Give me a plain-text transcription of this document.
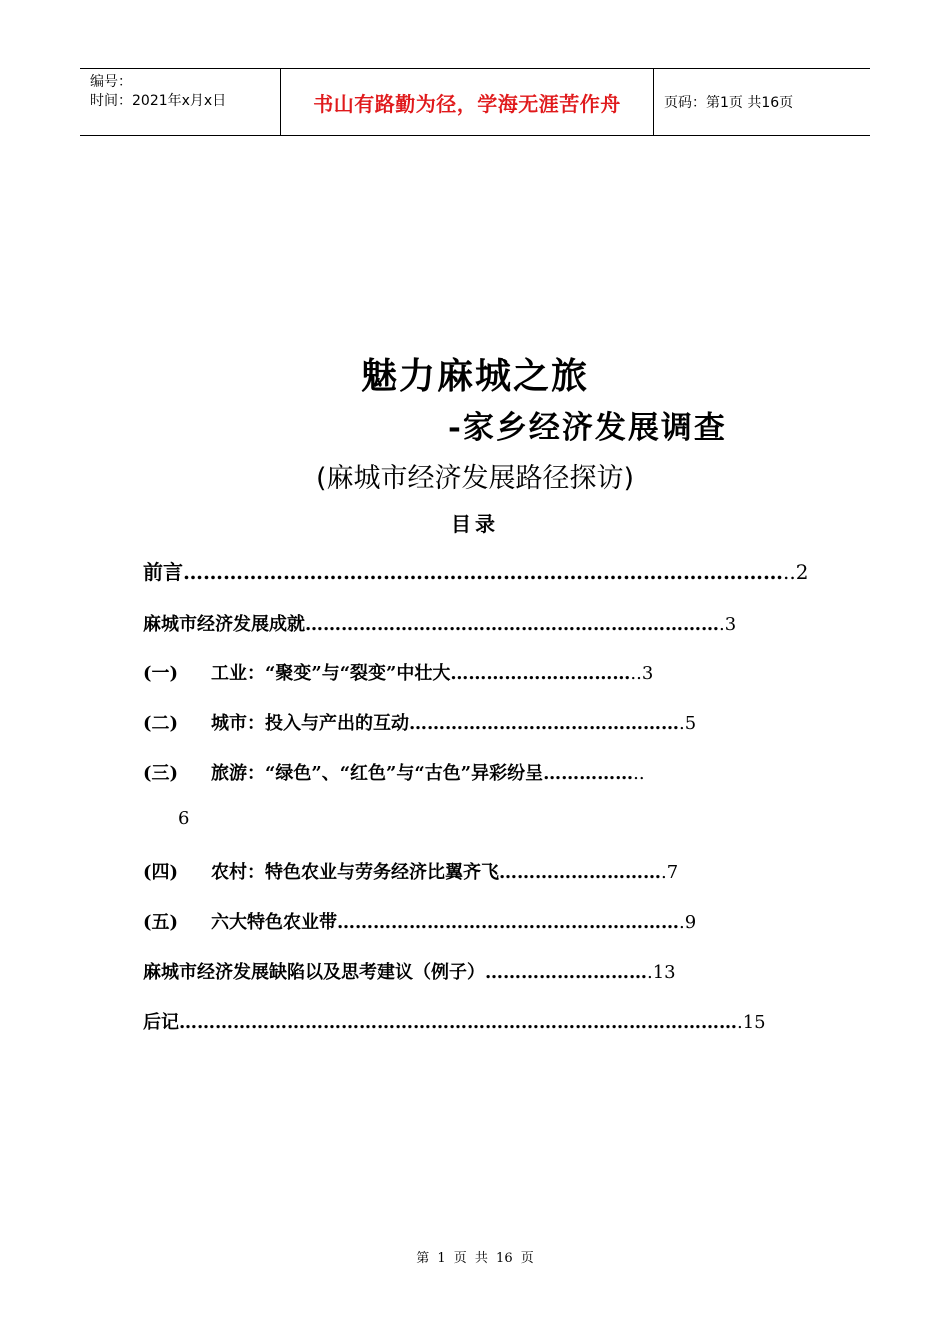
编号：
时间：2021年x月x日	书山有路勤为径，学海无涯苦作舟	页码：第1页 共16页
魅力麻城之旅
-家乡经济发展调查
(麻城市经济发展路径探访)
目录
前言………………………………………………………………………………..2
麻城市经济发展成就…………………………………………………………….3
(一) 工业：“聚变”与“裂变”中壮大…………………………..3
(二) 城市：投入与产出的互动……………………………………….5
(三) 旅游：“绿色”、“红色”与“古色”异彩纷呈……………..
6
(四) 农村：特色农业与劳务经济比翼齐飞……………………….7
(五) 六大特色农业带………………………………………………….9
麻城市经济发展缺陷以及思考建议（例子）……………………….13
后记………………………………………………………………………………….15
第 1 页 共 16 页
